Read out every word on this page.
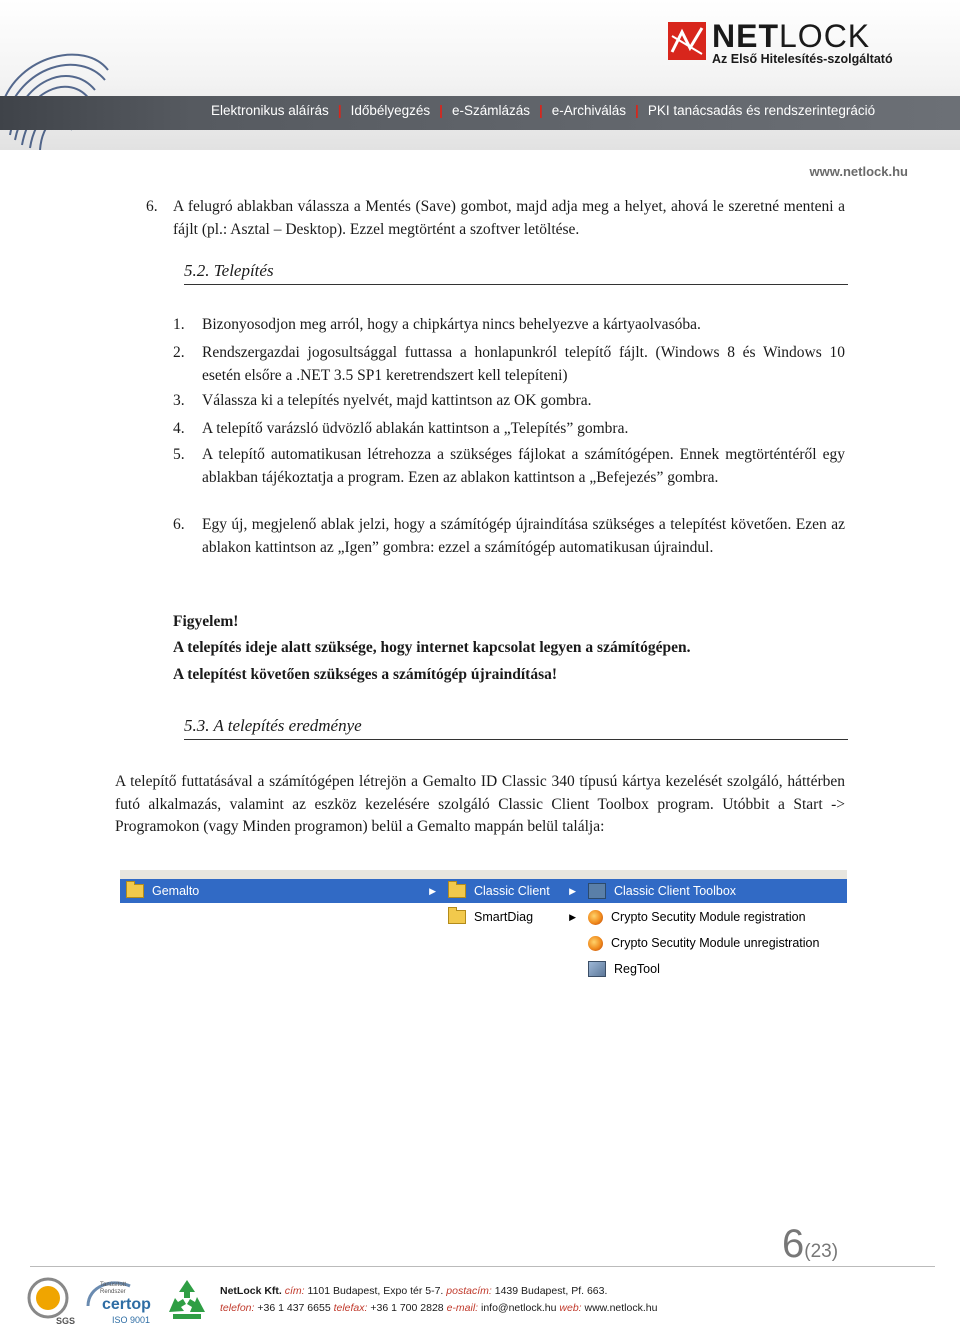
NETLOCK
Az Első Hitelesítés-szolgáltató
Elektronikus aláírás | Időbélyegzés | e-Számlázás | e-Archiválás | PKI tanácsadás és rendszerintegráció
www.netlock.hu
6. A felugró ablakban válassza a Mentés (Save) gombot, majd adja meg a helyet, ahová le szeretné menteni a fájlt (pl.: Asztal – Desktop). Ezzel megtörtént a szoftver letöltése.
5.2. Telepítés
1. Bizonyosodjon meg arról, hogy a chipkártya nincs behelyezve a kártyaolvasóba.
2. Rendszergazdai jogosultsággal futtassa a honlapunkról telepítő fájlt. (Windows 8 és Windows 10 esetén elsőre a .NET 3.5 SP1 keretrendszert kell telepíteni)
3. Válassza ki a telepítés nyelvét, majd kattintson az OK gombra.
4. A telepítő varázsló üdvözlő ablakán kattintson a „Telepítés” gombra.
5. A telepítő automatikusan létrehozza a szükséges fájlokat a számítógépen. Ennek megtörténtéről egy ablakban tájékoztatja a program. Ezen az ablakon kattintson a „Befejezés” gombra.
6. Egy új, megjelenő ablak jelzi, hogy a számítógép újraindítása szükséges a telepítést követően. Ezen az ablakon kattintson az „Igen” gombra: ezzel a számítógép automatikusan újraindul.
Figyelem!
A telepítés ideje alatt szüksége, hogy internet kapcsolat legyen a számítógépen.
A telepítést követően szükséges a számítógép újraindítása!
5.3. A telepítés eredménye
A telepítő futtatásával a számítógépen létrejön a Gemalto ID Classic 340 típusú kártya kezelését szolgáló, háttérben futó alkalmazás, valamint az eszköz kezelésére szolgáló Classic Client Toolbox program. Utóbbit a Start -> Programokon (vagy Minden programon) belül a Gemalto mappán belül találja:
Gemalto	▶	Classic Client ▶
SmartDiag	▶
Classic Client Toolbox
Crypto Secutity Module registration
Crypto Secutity Module unregistration
RegTool
6(23)
SGS
Tanúsított
Rendszer
certop
ISO 9001
NetLock Kft. cím: 1101 Budapest, Expo tér 5-7. postacím: 1439 Budapest, Pf. 663.
telefon: +36 1 437 6655 telefax: +36 1 700 2828 e-mail: info@netlock.hu web: www.netlock.hu
